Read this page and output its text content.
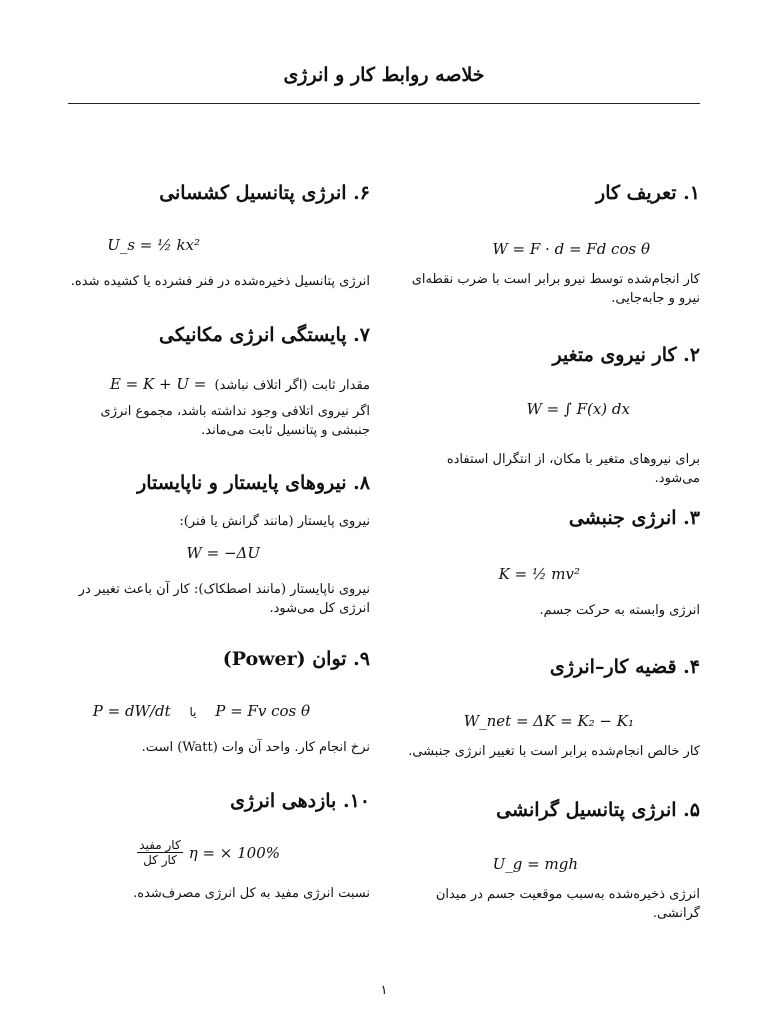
خلاصه روابط کار و انرژی
۱. تعریف کار
W = F · d = Fd cos θ

کار انجام‌شده توسط نیرو برابر است با ضرب نقطه‌ای نیرو و جابه‌جایی.

۲. کار نیروی متغیر
W = ∫ F(x) dx

برای نیروهای متغیر با مکان، از انتگرال استفاده می‌شود.

۳. انرژی جنبشی
K = ½ mv²

انرژی وابسته به حرکت جسم.

۴. قضیه کار–انرژی
W_net = ΔK = K₂ − K₁

کار خالص انجام‌شده برابر است با تغییر انرژی جنبشی.

۵. انرژی پتانسیل گرانشی
U_g = mgh

انرژی ذخیره‌شده به‌سبب موقعیت جسم در میدان گرانشی.

۶. انرژی پتانسیل کشسانی
U_s = ½ kx²

انرژی پتانسیل ذخیره‌شده در فنر فشرده یا کشیده شده.

۷. پایستگی انرژی مکانیکی
مقدار ثابت (اگر اتلاف نباشد) E = K + U =

اگر نیروی اتلافی وجود نداشته باشد، مجموع انرژی جنبشی و پتانسیل ثابت می‌ماند.

۸. نیروهای پایستار و ناپایستار

نیروی پایستار (مانند گرانش یا فنر):

W = −ΔU

نیروی ناپایستار (مانند اصطکاک): کار آن باعث تغییر در انرژی کل می‌شود.

۹. توان (Power)
P = dW/dt یا P = Fv cos θ

نرخ انجام کار. واحد آن وات (Watt) است.

۱۰. بازدهی انرژی
$\frac{\text{کار مفید}}{\text{کار کل}}$ η = × 100%

نسبت انرژی مفید به کل انرژی مصرف‌شده.

۱
